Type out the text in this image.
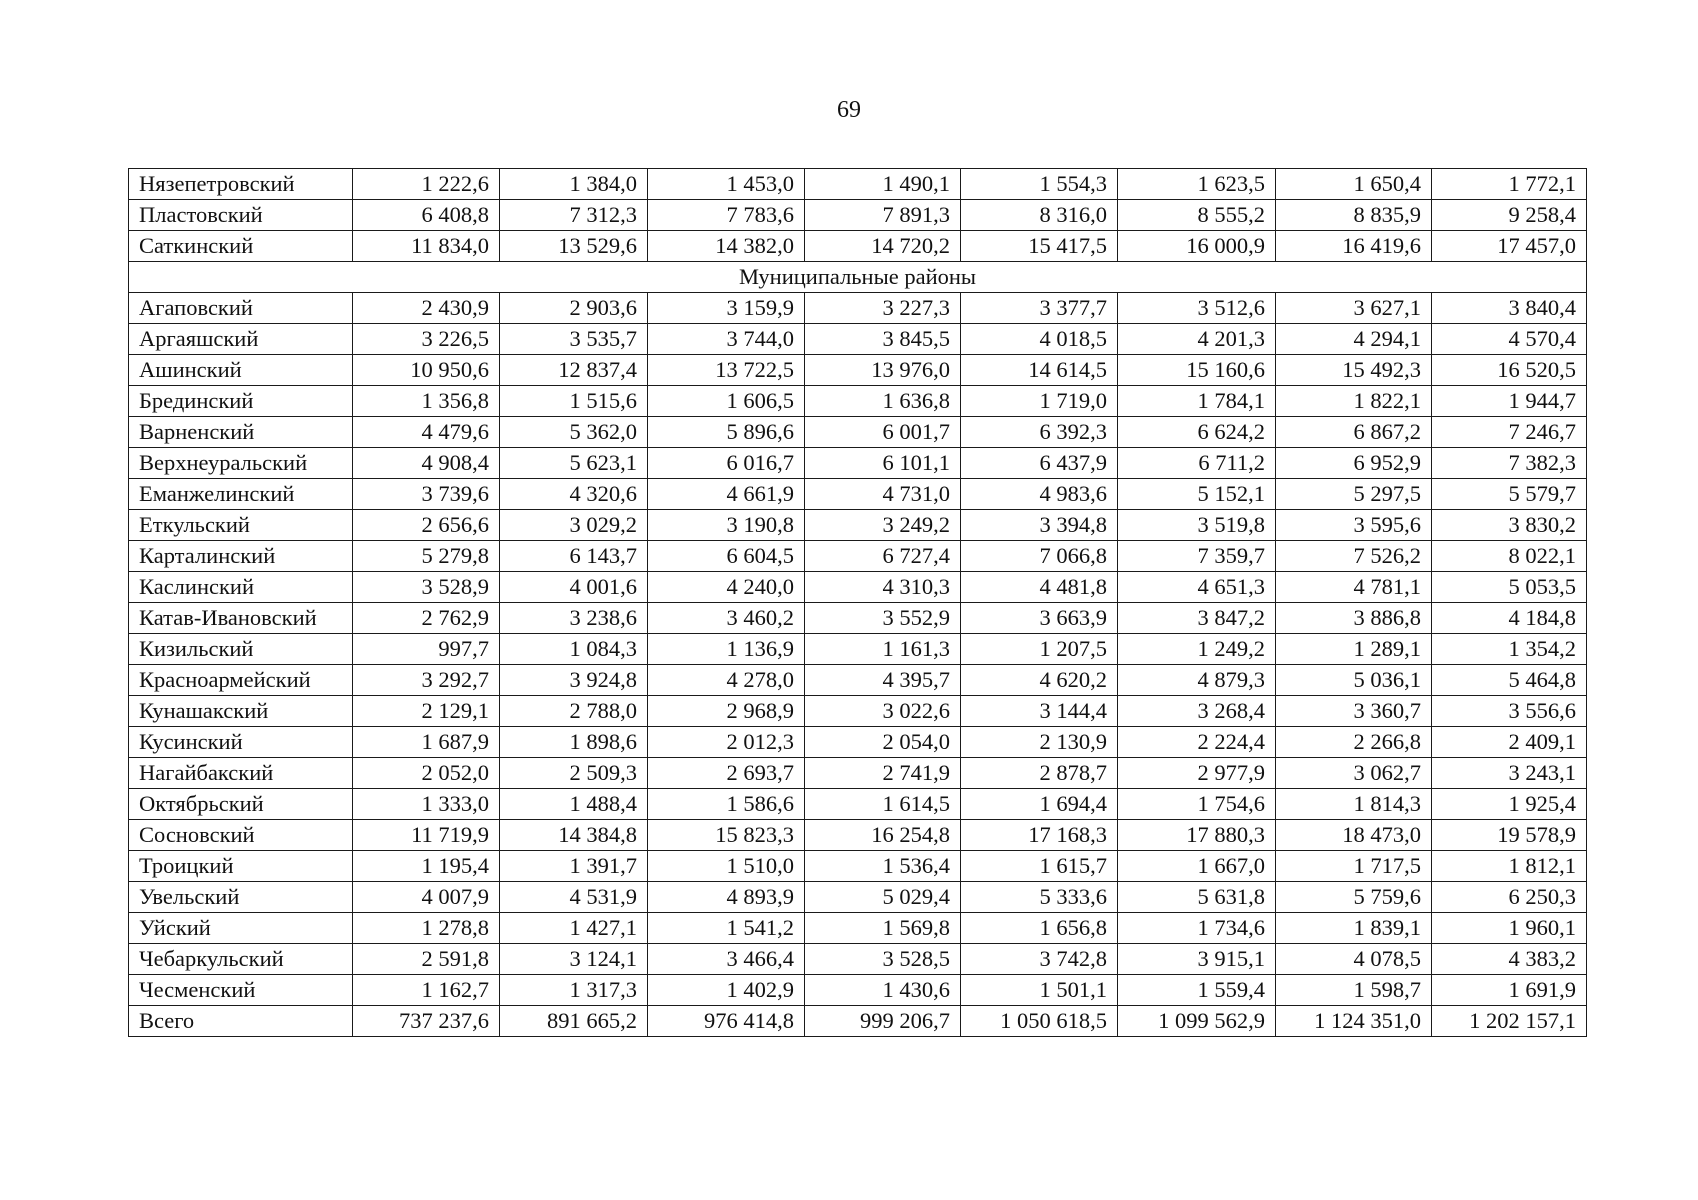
69
Нязепетровский	1 222,6	1 384,0	1 453,0	1 490,1	1 554,3	1 623,5	1 650,4	1 772,1
Пластовский	6 408,8	7 312,3	7 783,6	7 891,3	8 316,0	8 555,2	8 835,9	9 258,4
Саткинский	11 834,0	13 529,6	14 382,0	14 720,2	15 417,5	16 000,9	16 419,6	17 457,0
Муниципальные районы								
Агаповский	2 430,9	2 903,6	3 159,9	3 227,3	3 377,7	3 512,6	3 627,1	3 840,4
Аргаяшский	3 226,5	3 535,7	3 744,0	3 845,5	4 018,5	4 201,3	4 294,1	4 570,4
Ашинский	10 950,6	12 837,4	13 722,5	13 976,0	14 614,5	15 160,6	15 492,3	16 520,5
Брединский	1 356,8	1 515,6	1 606,5	1 636,8	1 719,0	1 784,1	1 822,1	1 944,7
Варненский	4 479,6	5 362,0	5 896,6	6 001,7	6 392,3	6 624,2	6 867,2	7 246,7
Верхнеуральский	4 908,4	5 623,1	6 016,7	6 101,1	6 437,9	6 711,2	6 952,9	7 382,3
Еманжелинский	3 739,6	4 320,6	4 661,9	4 731,0	4 983,6	5 152,1	5 297,5	5 579,7
Еткульский	2 656,6	3 029,2	3 190,8	3 249,2	3 394,8	3 519,8	3 595,6	3 830,2
Карталинский	5 279,8	6 143,7	6 604,5	6 727,4	7 066,8	7 359,7	7 526,2	8 022,1
Каслинский	3 528,9	4 001,6	4 240,0	4 310,3	4 481,8	4 651,3	4 781,1	5 053,5
Катав-Ивановский	2 762,9	3 238,6	3 460,2	3 552,9	3 663,9	3 847,2	3 886,8	4 184,8
Кизильский	997,7	1 084,3	1 136,9	1 161,3	1 207,5	1 249,2	1 289,1	1 354,2
Красноармейский	3 292,7	3 924,8	4 278,0	4 395,7	4 620,2	4 879,3	5 036,1	5 464,8
Кунашакский	2 129,1	2 788,0	2 968,9	3 022,6	3 144,4	3 268,4	3 360,7	3 556,6
Кусинский	1 687,9	1 898,6	2 012,3	2 054,0	2 130,9	2 224,4	2 266,8	2 409,1
Нагайбакский	2 052,0	2 509,3	2 693,7	2 741,9	2 878,7	2 977,9	3 062,7	3 243,1
Октябрьский	1 333,0	1 488,4	1 586,6	1 614,5	1 694,4	1 754,6	1 814,3	1 925,4
Сосновский	11 719,9	14 384,8	15 823,3	16 254,8	17 168,3	17 880,3	18 473,0	19 578,9
Троицкий	1 195,4	1 391,7	1 510,0	1 536,4	1 615,7	1 667,0	1 717,5	1 812,1
Увельский	4 007,9	4 531,9	4 893,9	5 029,4	5 333,6	5 631,8	5 759,6	6 250,3
Уйский	1 278,8	1 427,1	1 541,2	1 569,8	1 656,8	1 734,6	1 839,1	1 960,1
Чебаркульский	2 591,8	3 124,1	3 466,4	3 528,5	3 742,8	3 915,1	4 078,5	4 383,2
Чесменский	1 162,7	1 317,3	1 402,9	1 430,6	1 501,1	1 559,4	1 598,7	1 691,9
Всего	737 237,6	891 665,2	976 414,8	999 206,7	1 050 618,5	1 099 562,9	1 124 351,0	1 202 157,1
